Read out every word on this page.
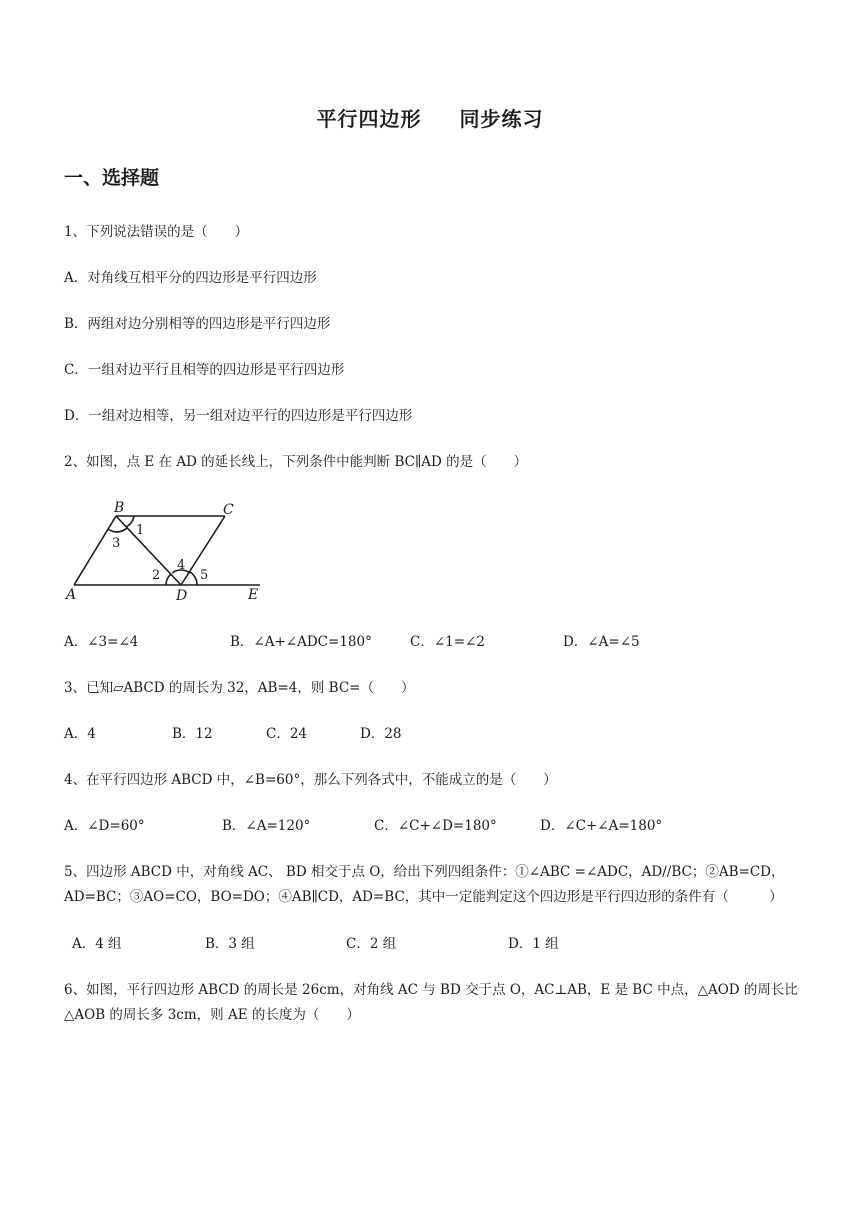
平行四边形 同步练习
一、选择题
1、下列说法错误的是（　　）
A．对角线互相平分的四边形是平行四边形
B．两组对边分别相等的四边形是平行四边形
C．一组对边平行且相等的四边形是平行四边形
D．一组对边相等，另一组对边平行的四边形是平行四边形
2、如图，点 E 在 AD 的延长线上，下列条件中能判断 BC∥AD 的是（　　）
B	C
A	D	E
1
2
3
4
5
A．∠3=∠4	B．∠A+∠ADC=180°	C．∠1=∠2	D．∠A=∠5
3、已知▱ABCD 的周长为 32，AB=4，则 BC=（　　）
A．4	B．12	C．24	D．28
4、在平行四边形 ABCD 中，∠B=60°，那么下列各式中，不能成立的是（　　）
A．∠D=60°	B．∠A=120°	C．∠C+∠D=180°	D．∠C+∠A=180°
5、四边形 ABCD 中，对角线 AC、 BD 相交于点 O，给出下列四组条件：①∠ABC =∠ADC，AD//BC；②AB=CD，AD=BC；③AO=CO，BO=DO；④AB∥CD，AD=BC，其中一定能判定这个四边形是平行四边形的条件有（　　　）
A．4 组	B．3 组	C．2 组	D．1 组
6、如图，平行四边形 ABCD 的周长是 26cm，对角线 AC 与 BD 交于点 O，AC⊥AB，E 是 BC 中点，△AOD 的周长比△AOB 的周长多 3cm，则 AE 的长度为（　　）
